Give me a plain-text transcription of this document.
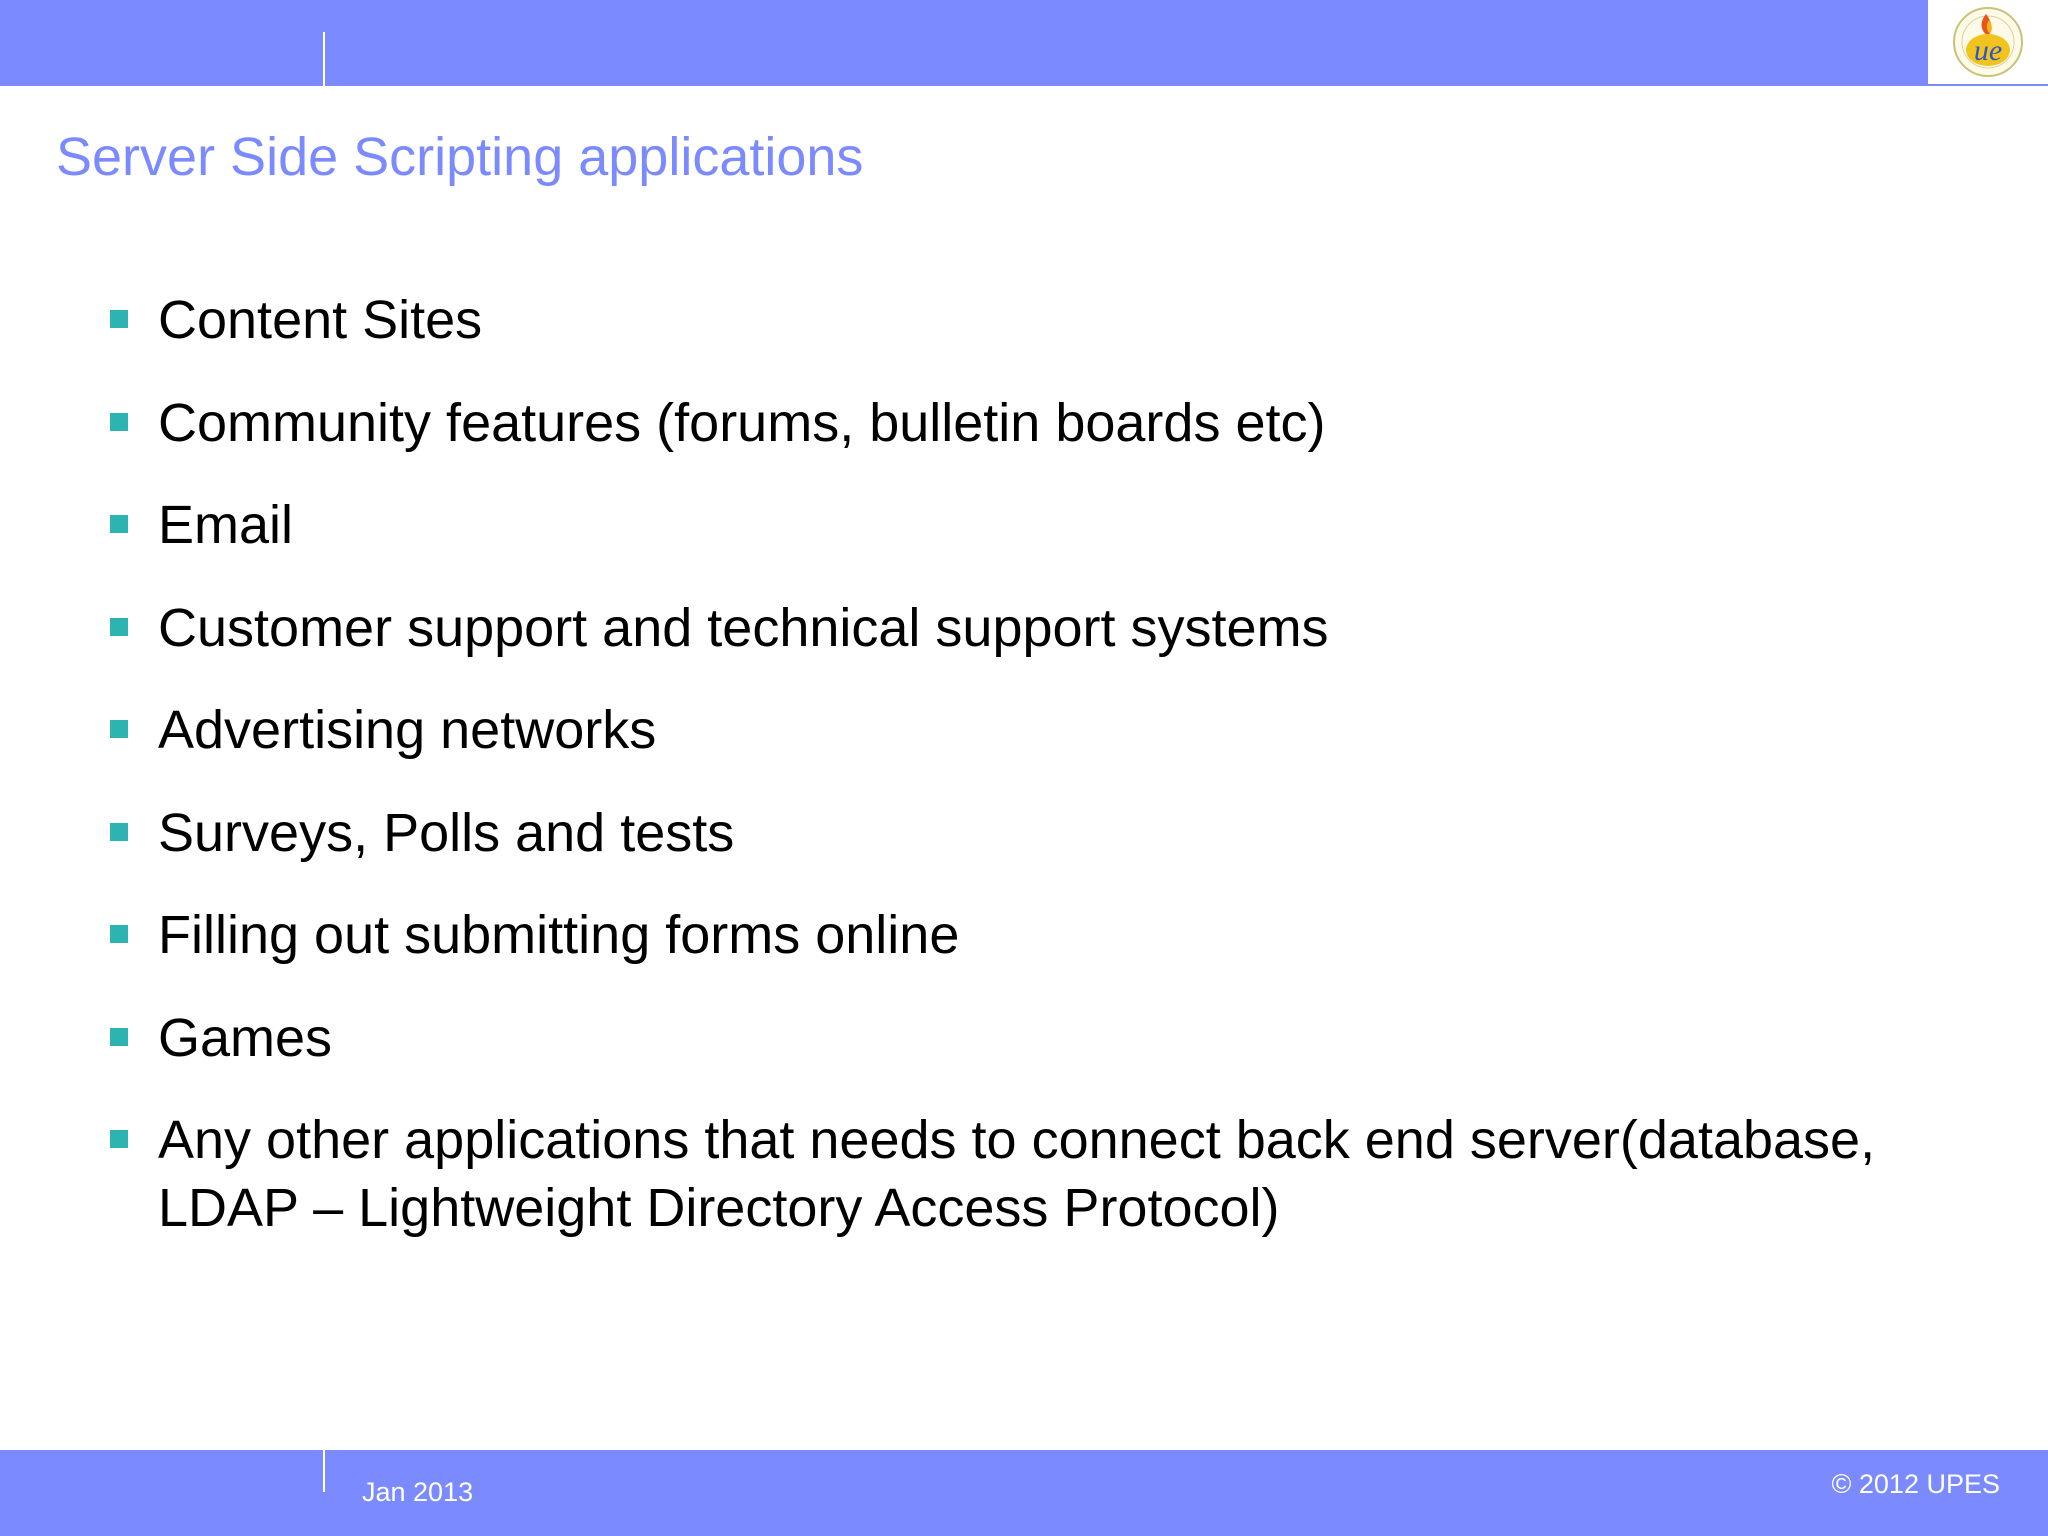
ue
Server Side Scripting applications
Content Sites
Community features (forums, bulletin boards etc)
Email
Customer support and technical support systems
Advertising networks
Surveys, Polls and tests
Filling out submitting forms online
Games
Any other applications that needs to connect back end server(database, LDAP – Lightweight Directory Access Protocol)
Jan 2013	© 2012 UPES
